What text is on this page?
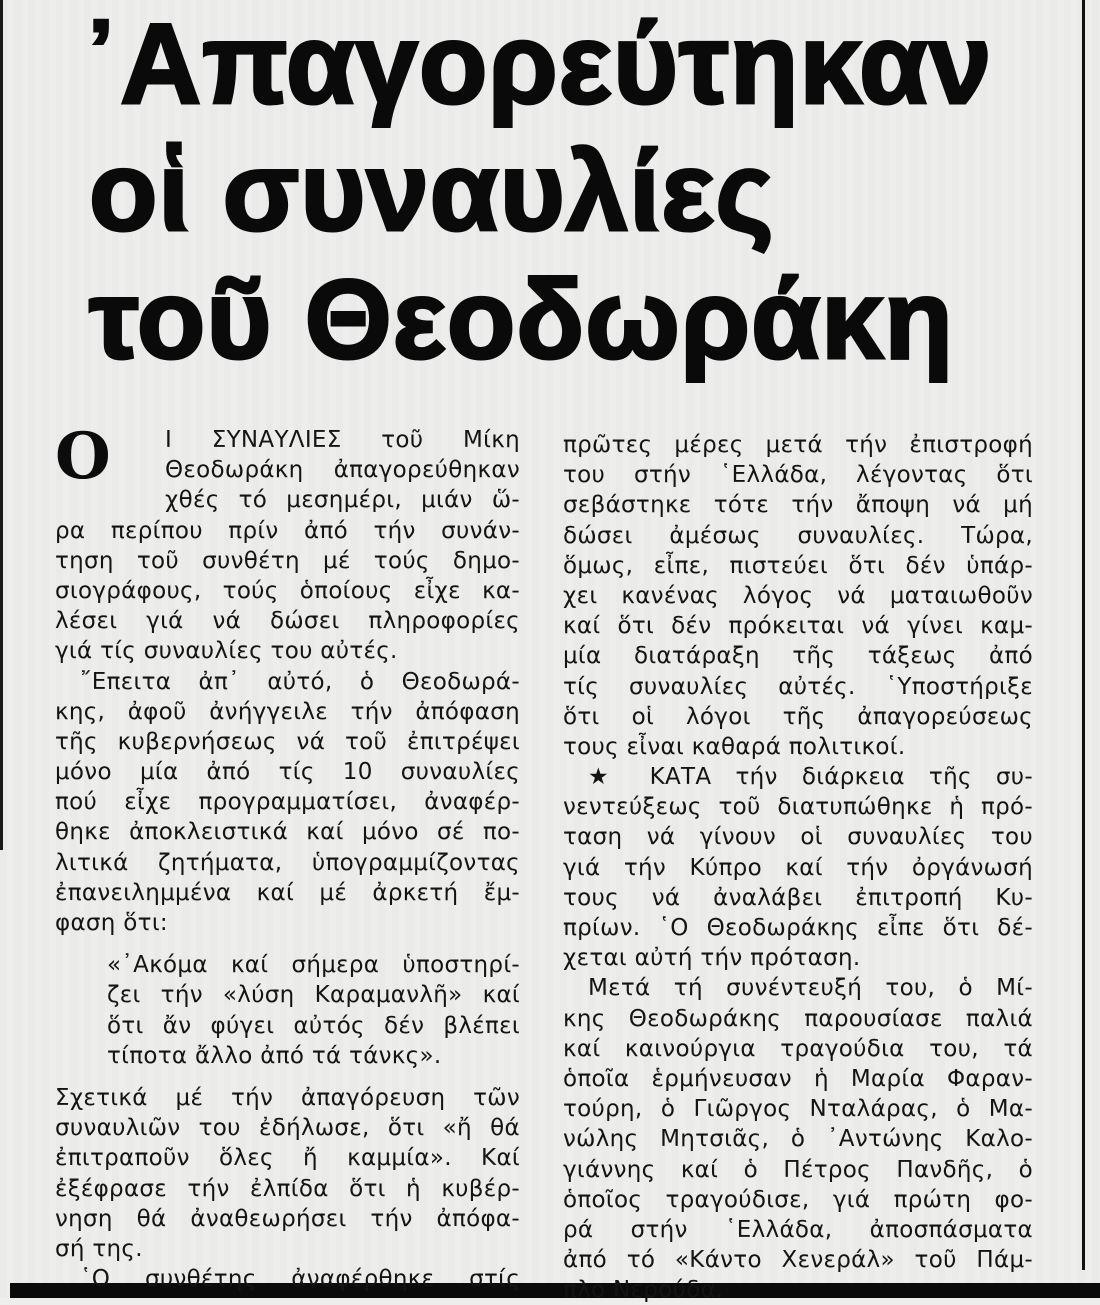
᾿Απαγορεύτηκαν
οἱ συναυλίες
τοῦ Θεοδωράκη
Ο	Ι ΣΥΝΑΥΛΙΕΣ τοῦ Μίκη
Θεοδωράκη ἀπαγορεύθηκαν
χθές τό μεσημέρι, μιάν ὥ-
ρα περίπου πρίν ἀπό τήν συνάν-
τηση τοῦ συνθέτη μέ τούς δημο-
σιογράφους, τούς ὁποίους εἶχε κα-
λέσει γιά νά δώσει πληροφορίες
γιά τίς συναυλίες του αὐτές.
῎Επειτα ἀπ᾿ αὐτό, ὁ Θεοδωρά-
κης, ἀφοῦ ἀνήγγειλε τήν ἀπόφαση
τῆς κυβερνήσεως νά τοῦ ἐπιτρέψει
μόνο μία ἀπό τίς 10 συναυλίες
πού εἶχε προγραμματίσει, ἀναφέρ-
θηκε ἀποκλειστικά καί μόνο σέ πο-
λιτικά ζητήματα, ὑπογραμμίζοντας
ἐπανειλημμένα καί μέ ἀρκετή ἔμ-
φαση ὅτι:
«᾿Ακόμα καί σήμερα ὑποστηρί-
ζει τήν «λύση Καραμανλῆ» καί
ὅτι ἄν φύγει αὐτός δέν βλέπει
τίποτα ἄλλο ἀπό τά τάνκς».
Σχετικά μέ τήν ἀπαγόρευση τῶν
συναυλιῶν του ἐδήλωσε, ὅτι «ἤ θά
ἐπιτραποῦν ὅλες ἤ καμμία». Καί
ἐξέφρασε τήν ἐλπίδα ὅτι ἡ κυβέρ-
νηση θά ἀναθεωρήσει τήν ἀπόφα-
σή της.
῾Ο συνθέτης ἀναφέρθηκε στίς
πρῶτες μέρες μετά τήν ἐπιστροφή
του στήν ῾Ελλάδα, λέγοντας ὅτι
σεβάστηκε τότε τήν ἄποψη νά μή
δώσει ἀμέσως συναυλίες. Τώρα,
ὅμως, εἶπε, πιστεύει ὅτι δέν ὑπάρ-
χει κανένας λόγος νά ματαιωθοῦν
καί ὅτι δέν πρόκειται νά γίνει καμ-
μία διατάραξη τῆς τάξεως ἀπό
τίς συναυλίες αὐτές. ῾Υποστήριξε
ὅτι οἱ λόγοι τῆς ἀπαγορεύσεως
τους εἶναι καθαρά πολιτικοί.
★ ΚΑΤΑ τήν διάρκεια τῆς συ-
νεντεύξεως τοῦ διατυπώθηκε ἡ πρό-
ταση νά γίνουν οἱ συναυλίες του
γιά τήν Κύπρο καί τήν ὀργάνωσή
τους νά ἀναλάβει ἐπιτροπή Κυ-
πρίων. ῾Ο Θεοδωράκης εἶπε ὅτι δέ-
χεται αὐτή τήν πρόταση.
Μετά τή συνέντευξή του, ὁ Μί-
κης Θεοδωράκης παρουσίασε παλιά
καί καινούργια τραγούδια του, τά
ὁποῖα ἑρμήνευσαν ἡ Μαρία Φαραν-
τούρη, ὁ Γιῶργος Νταλάρας, ὁ Μα-
νώλης Μητσιᾶς, ὁ ᾿Αντώνης Καλο-
γιάννης καί ὁ Πέτρος Πανδῆς, ὁ
ὁποῖος τραγούδισε, γιά πρώτη φο-
ρά στήν ῾Ελλάδα, ἀποσπάσματα
ἀπό τό «Κάντο Χενεράλ» τοῦ Πάμ-
πλο Νερούδα.
